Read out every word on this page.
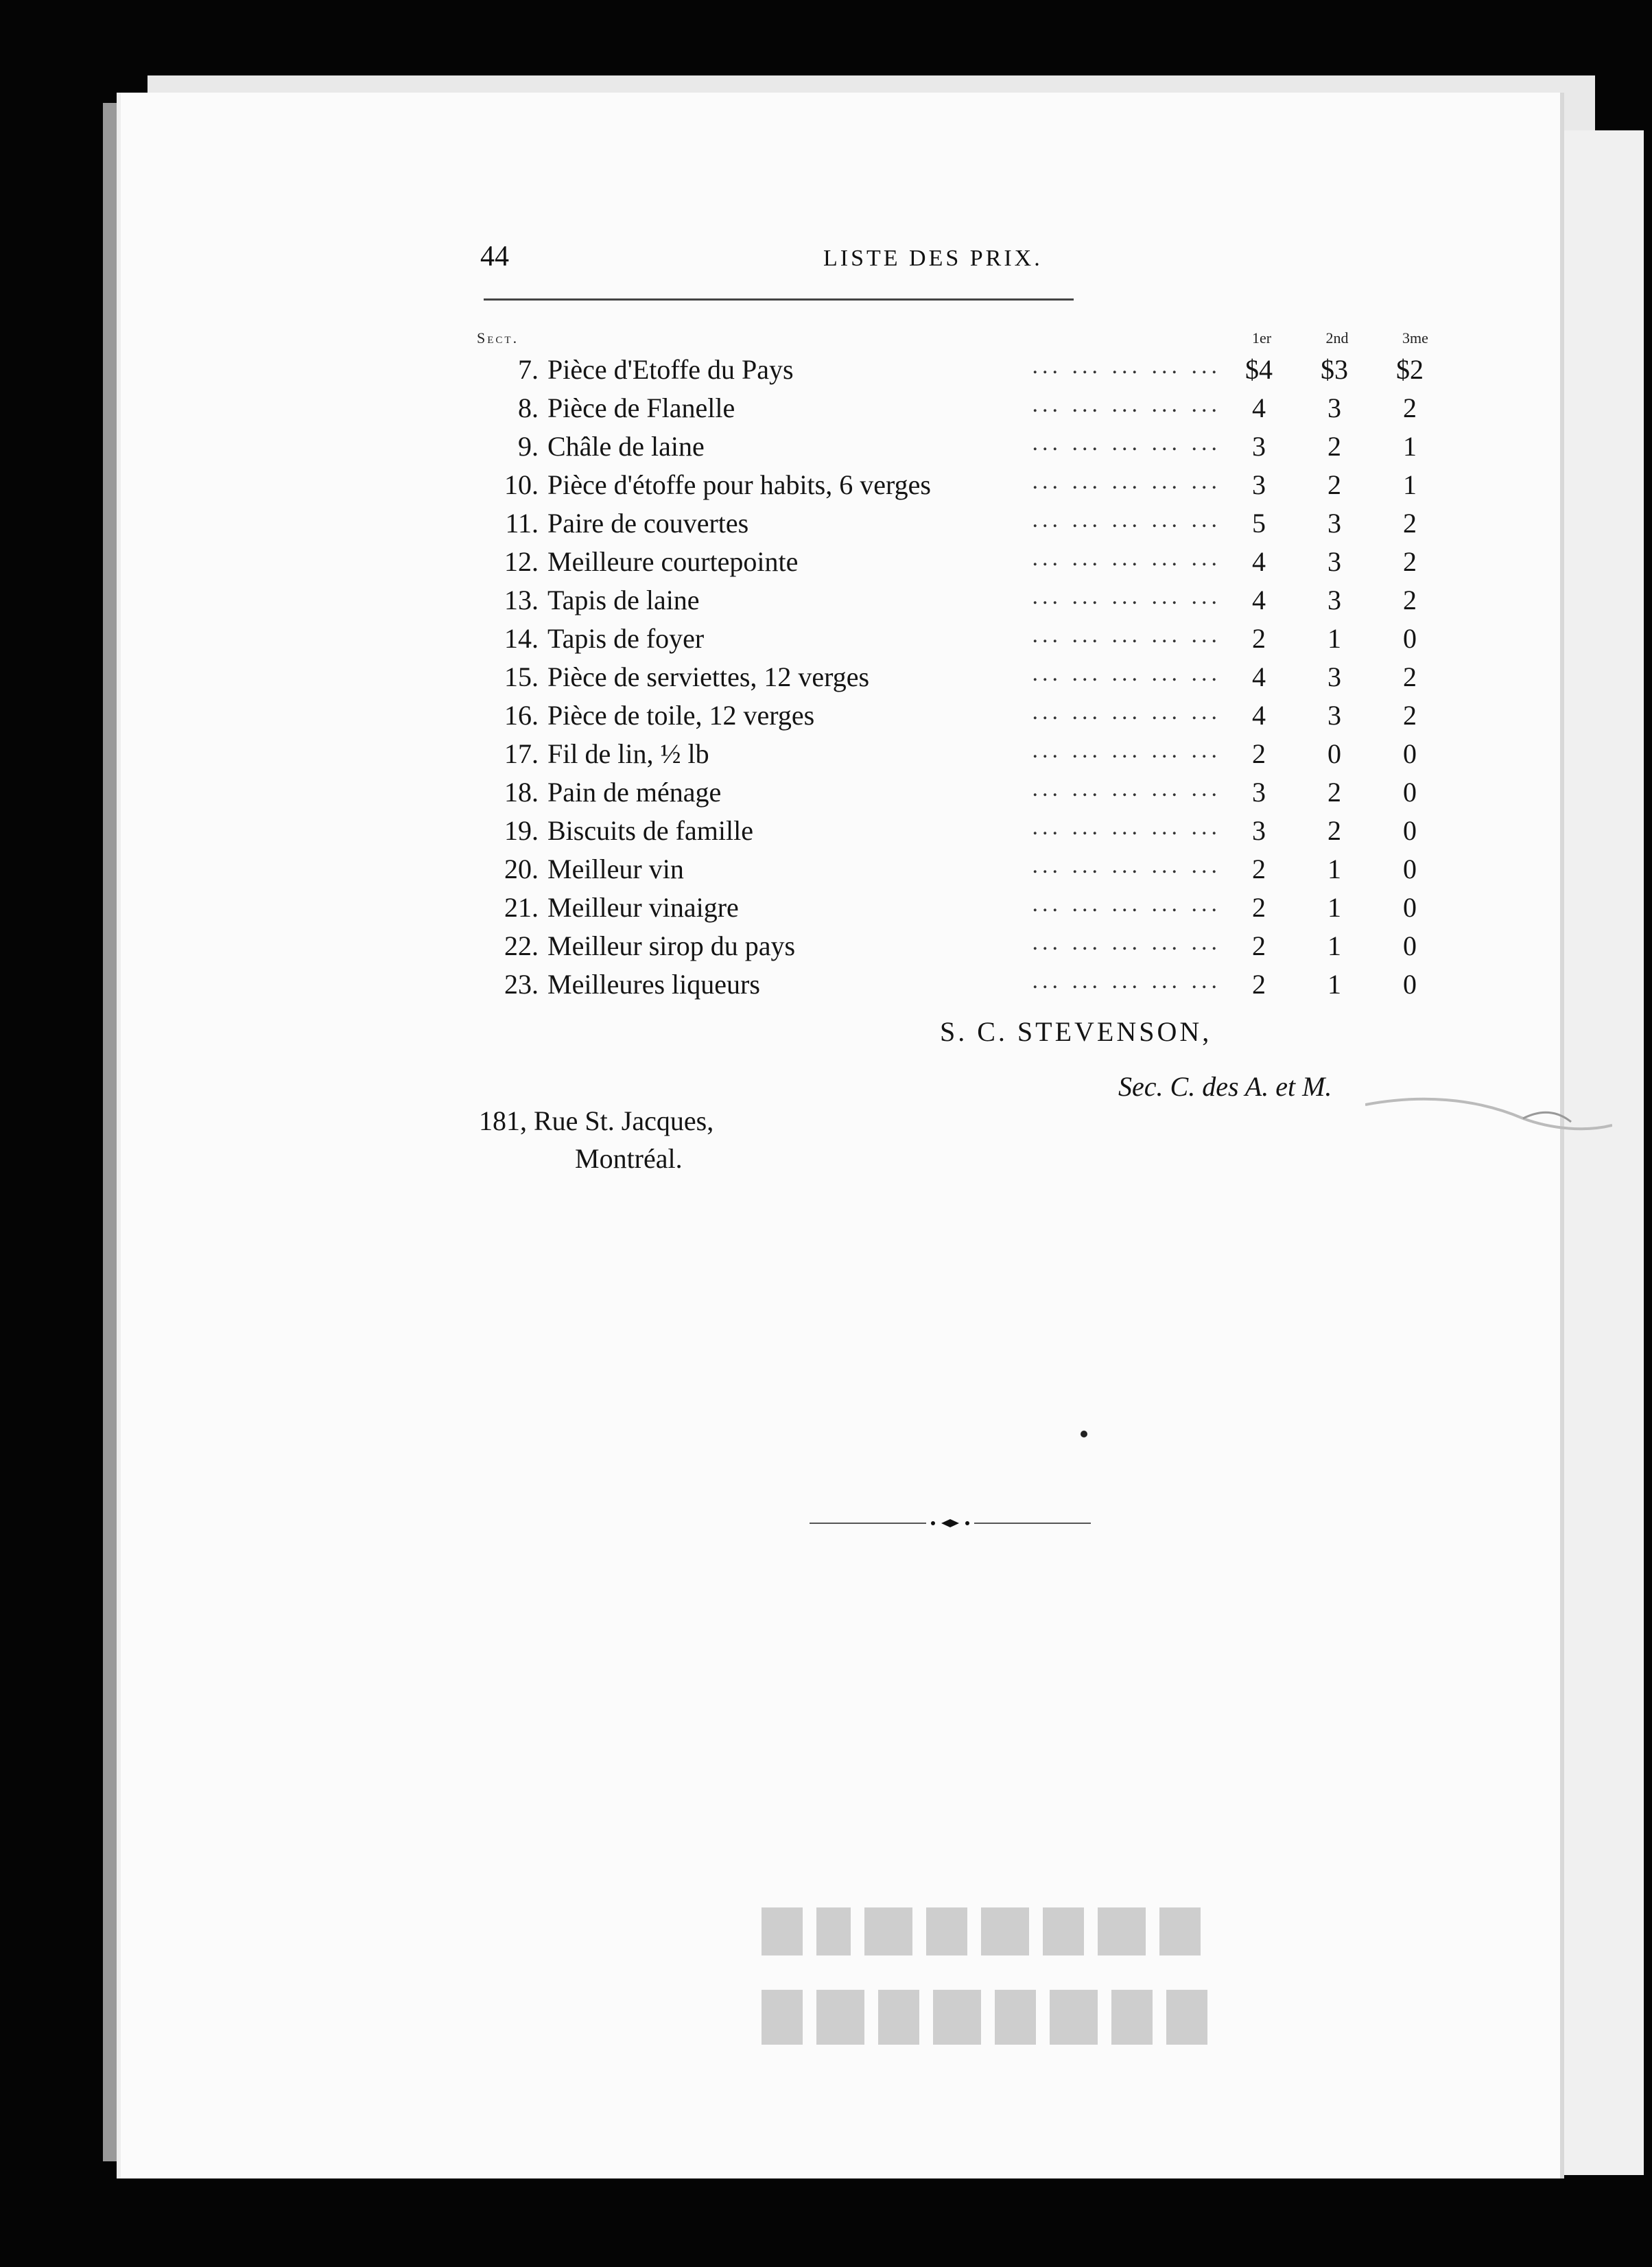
44	LISTE DES PRIX.
Sect.	1er	2nd	3me
... ... ... ... ...
7. Pièce d'Etoffe du Pays	$4	$3	$2
... ... ... ... ...
8. Pièce de Flanelle	4	3	2
... ... ... ... ...
9. Châle de laine	3	2	1
... ... ... ... ...
10. Pièce d'étoffe pour habits, 6 verges	3	2	1
... ... ... ... ...
11. Paire de couvertes	5	3	2
... ... ... ... ...
12. Meilleure courtepointe	4	3	2
... ... ... ... ...
13. Tapis de laine	4	3	2
... ... ... ... ...
14. Tapis de foyer	2	1	0
... ... ... ... ...
15. Pièce de serviettes, 12 verges	4	3	2
... ... ... ... ...
16. Pièce de toile, 12 verges	4	3	2
... ... ... ... ...
17. Fil de lin, ½ lb	2	0	0
... ... ... ... ...
18. Pain de ménage	3	2	0
... ... ... ... ...
19. Biscuits de famille	3	2	0
... ... ... ... ...
20. Meilleur vin	2	1	0
... ... ... ... ...
21. Meilleur vinaigre	2	1	0
... ... ... ... ...
22. Meilleur sirop du pays	2	1	0
... ... ... ... ...
23. Meilleures liqueurs	2	1	0
S. C. STEVENSON,
Sec. C. des A. et M.
181, Rue St. Jacques,
Montréal.
